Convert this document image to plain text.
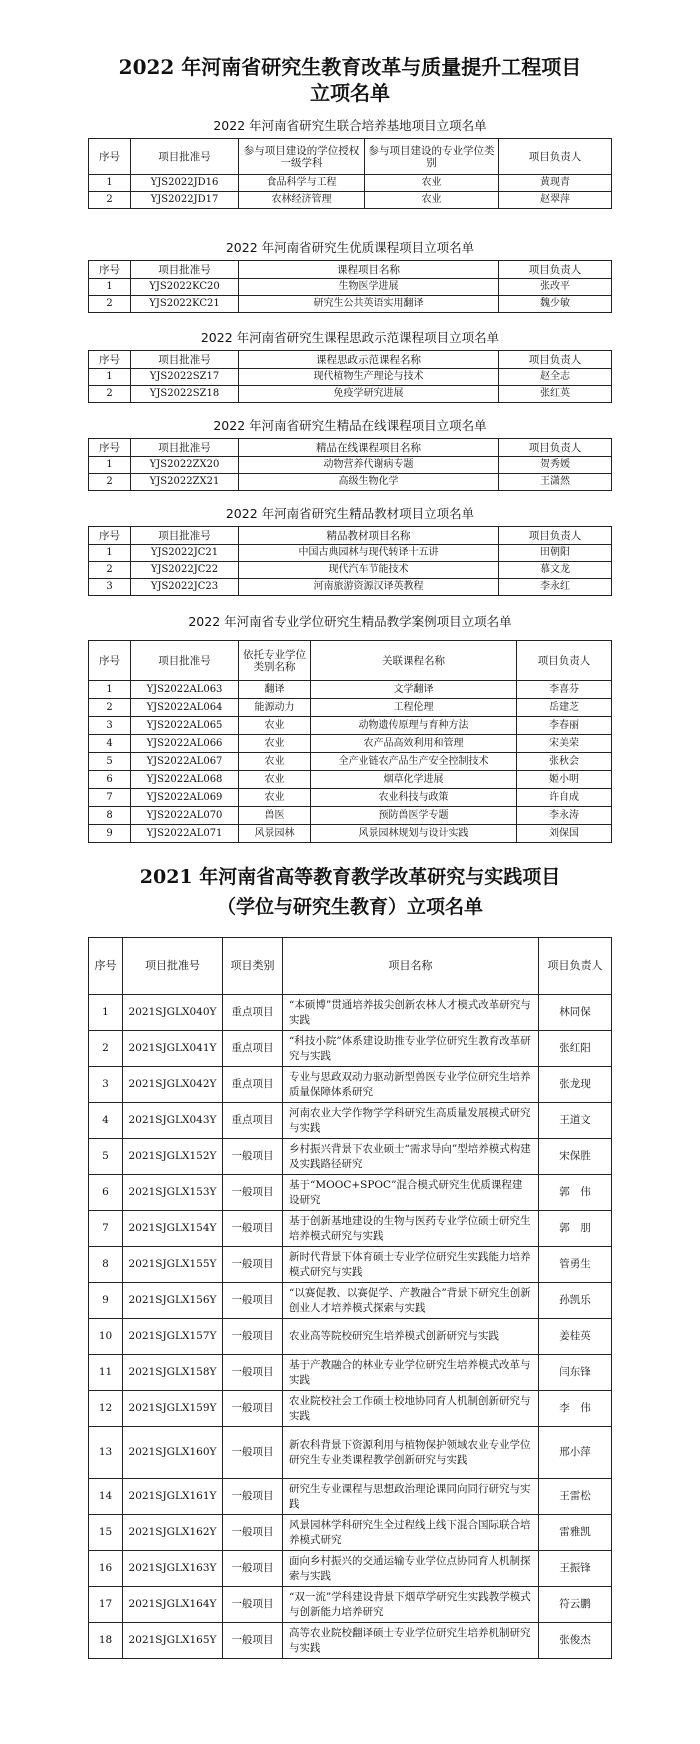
2022 年河南省研究生教育改革与质量提升工程项目
立项名单
2022 年河南省研究生联合培养基地项目立项名单
序号	项目批准号	参与项目建设的学位授权一级学科	参与项目建设的专业学位类别	项目负责人
1	YJS2022JD16	食品科学与工程	农业	黄现青
2	YJS2022JD17	农林经济管理	农业	赵翠萍
2022 年河南省研究生优质课程项目立项名单
序号	项目批准号	课程项目名称	项目负责人
1	YJS2022KC20	生物医学进展	张改平
2	YJS2022KC21	研究生公共英语实用翻译	魏少敏
2022 年河南省研究生课程思政示范课程项目立项名单
序号	项目批准号	课程思政示范课程名称	项目负责人
1	YJS2022SZ17	现代植物生产理论与技术	赵全志
2	YJS2022SZ18	免疫学研究进展	张红英
2022 年河南省研究生精品在线课程项目立项名单
序号	项目批准号	精品在线课程项目名称	项目负责人
1	YJS2022ZX20	动物营养代谢病专题	贺秀媛
2	YJS2022ZX21	高级生物化学	王潇然
2022 年河南省研究生精品教材项目立项名单
序号	项目批准号	精品教材项目名称	项目负责人
1	YJS2022JC21	中国古典园林与现代转译十五讲	田朝阳
2	YJS2022JC22	现代汽车节能技术	慕文龙
3	YJS2022JC23	河南旅游资源汉译英教程	李永红
2022 年河南省专业学位研究生精品教学案例项目立项名单
序号	项目批准号	依托专业学位类别名称	关联课程名称	项目负责人
1	YJS2022AL063	翻译	文学翻译	李喜芬
2	YJS2022AL064	能源动力	工程伦理	岳建芝
3	YJS2022AL065	农业	动物遗传原理与育种方法	李春丽
4	YJS2022AL066	农业	农产品高效利用和管理	宋美荣
5	YJS2022AL067	农业	全产业链农产品生产安全控制技术	张秋会
6	YJS2022AL068	农业	烟草化学进展	姬小明
7	YJS2022AL069	农业	农业科技与政策	许自成
8	YJS2022AL070	兽医	预防兽医学专题	李永涛
9	YJS2022AL071	风景园林	风景园林规划与设计实践	刘保国
2021 年河南省高等教育教学改革研究与实践项目
（学位与研究生教育）立项名单
序号	项目批准号	项目类别	项目名称	项目负责人
1	2021SJGLX040Y	重点项目	“本硕博”贯通培养拔尖创新农林人才模式改革研究与实践	林同保
2	2021SJGLX041Y	重点项目	“科技小院”体系建设助推专业学位研究生教育改革研究与实践	张红阳
3	2021SJGLX042Y	重点项目	专业与思政双动力驱动新型兽医专业学位研究生培养质量保障体系研究	张龙现
4	2021SJGLX043Y	重点项目	河南农业大学作物学学科研究生高质量发展模式研究与实践	王道文
5	2021SJGLX152Y	一般项目	乡村振兴背景下农业硕士“需求导向”型培养模式构建及实践路径研究	宋保胜
6	2021SJGLX153Y	一般项目	基于“MOOC+SPOC”混合模式研究生优质课程建设研究	郭　伟
7	2021SJGLX154Y	一般项目	基于创新基地建设的生物与医药专业学位硕士研究生培养模式研究与实践	郭　朋
8	2021SJGLX155Y	一般项目	新时代背景下体育硕士专业学位研究生实践能力培养模式研究与实践	管勇生
9	2021SJGLX156Y	一般项目	“以赛促教、以赛促学、产教融合”背景下研究生创新创业人才培养模式探索与实践	孙凯乐
10	2021SJGLX157Y	一般项目	农业高等院校研究生培养模式创新研究与实践	姜桂英
11	2021SJGLX158Y	一般项目	基于产教融合的林业专业学位研究生培养模式改革与实践	闫东锋
12	2021SJGLX159Y	一般项目	农业院校社会工作硕士校地协同育人机制创新研究与实践	李　伟
13	2021SJGLX160Y	一般项目	新农科背景下资源利用与植物保护领域农业专业学位研究生专业类课程教学创新研究与实践	邢小萍
14	2021SJGLX161Y	一般项目	研究生专业课程与思想政治理论课同向同行研究与实践	王雷松
15	2021SJGLX162Y	一般项目	风景园林学科研究生全过程线上线下混合国际联合培养模式研究	雷雅凯
16	2021SJGLX163Y	一般项目	面向乡村振兴的交通运输专业学位点协同育人机制探索与实践	王振锋
17	2021SJGLX164Y	一般项目	“双一流”学科建设背景下烟草学研究生实践教学模式与创新能力培养研究	符云鹏
18	2021SJGLX165Y	一般项目	高等农业院校翻译硕士专业学位研究生培养机制研究与实践	张俊杰
